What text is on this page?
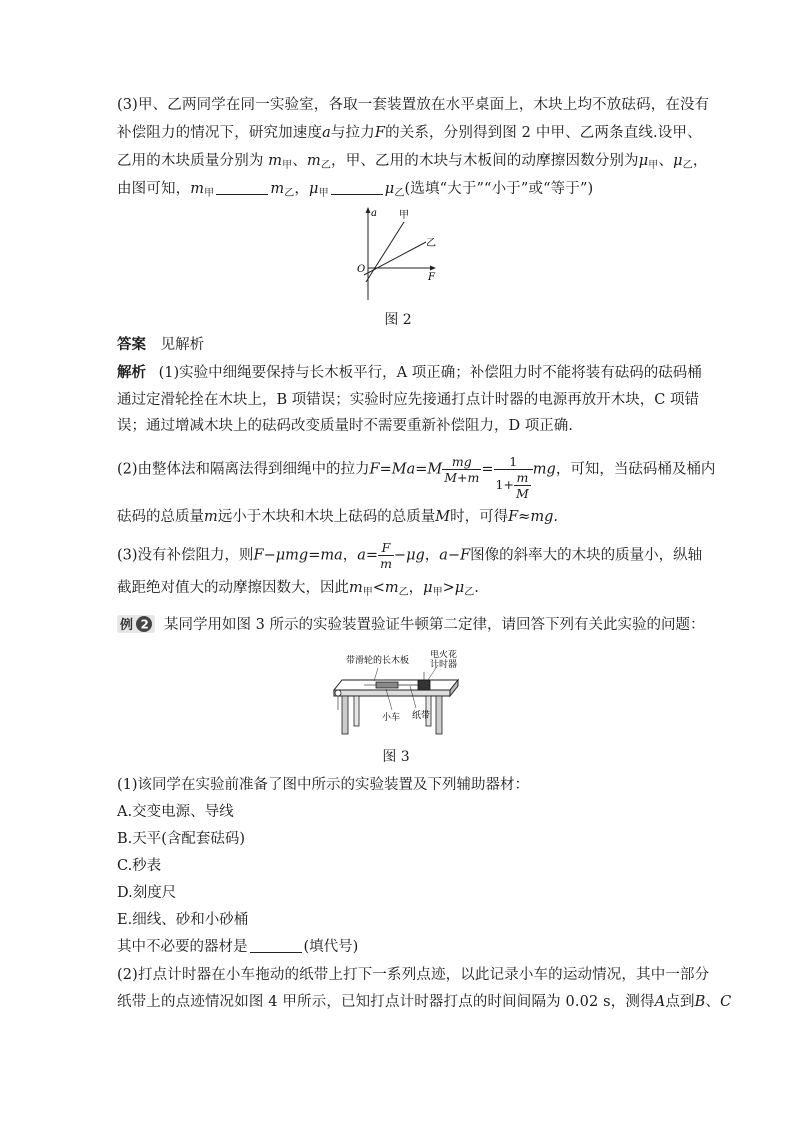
(3)甲、乙两同学在同一实验室，各取一套装置放在水平桌面上，木块上均不放砝码，在没有
补偿阻力的情况下，研究加速度a与拉力F的关系，分别得到图 2 中甲、乙两条直线.设甲、
乙用的木块质量分别为 $m_甲$、$m_乙$，甲、乙用的木块与木板间的动摩擦因数分别为$\mu_甲$、$\mu_乙$，
由图可知，$m_甲$	$m_乙$，$\mu_甲$	$\mu_乙$(选填“大于”“小于”或“等于”)
a
F
O
甲
乙
图 2
答案 见解析
解析 (1)实验中细绳要保持与长木板平行，A 项正确；补偿阻力时不能将装有砝码的砝码桶
通过定滑轮拴在木块上，B 项错误；实验时应先接通打点计时器的电源再放开木块，C 项错
误；通过增减木块上的砝码改变质量时不需要重新补偿阻力，D 项正确.
(2)由整体法和隔离法得到细绳中的拉力$F=Ma=M \frac{mg}{M+m} = \frac{1}{1+ \frac{m}{M}}$ mg，可知，当砝码桶及桶内
砝码的总质量m远小于木块和木块上砝码的总质量M时，可得F≈mg.
(3)没有补偿阻力，则F−μmg=ma，$a= \frac{F}{m} -\mu g$，a−F图像的斜率大的木块的质量小，纵轴
截距绝对值大的动摩擦因数大，因此$m_甲<m_乙$，$\mu_甲>\mu_乙$.
例 2 某同学用如图 3 所示的实验装置验证牛顿第二定律，请回答下列有关此实验的问题：
带滑轮的长木板
电火花
计时器
小车 纸带
图 3
(1)该同学在实验前准备了图中所示的实验装置及下列辅助器材：
A.交变电源、导线
B.天平(含配套砝码)
C.秒表
D.刻度尺
E.细线、砂和小砂桶
其中不必要的器材是	(填代号)
(2)打点计时器在小车拖动的纸带上打下一系列点迹，以此记录小车的运动情况，其中一部分
纸带上的点迹情况如图 4 甲所示，已知打点计时器打点的时间间隔为 0.02 s，测得A点到B、C
